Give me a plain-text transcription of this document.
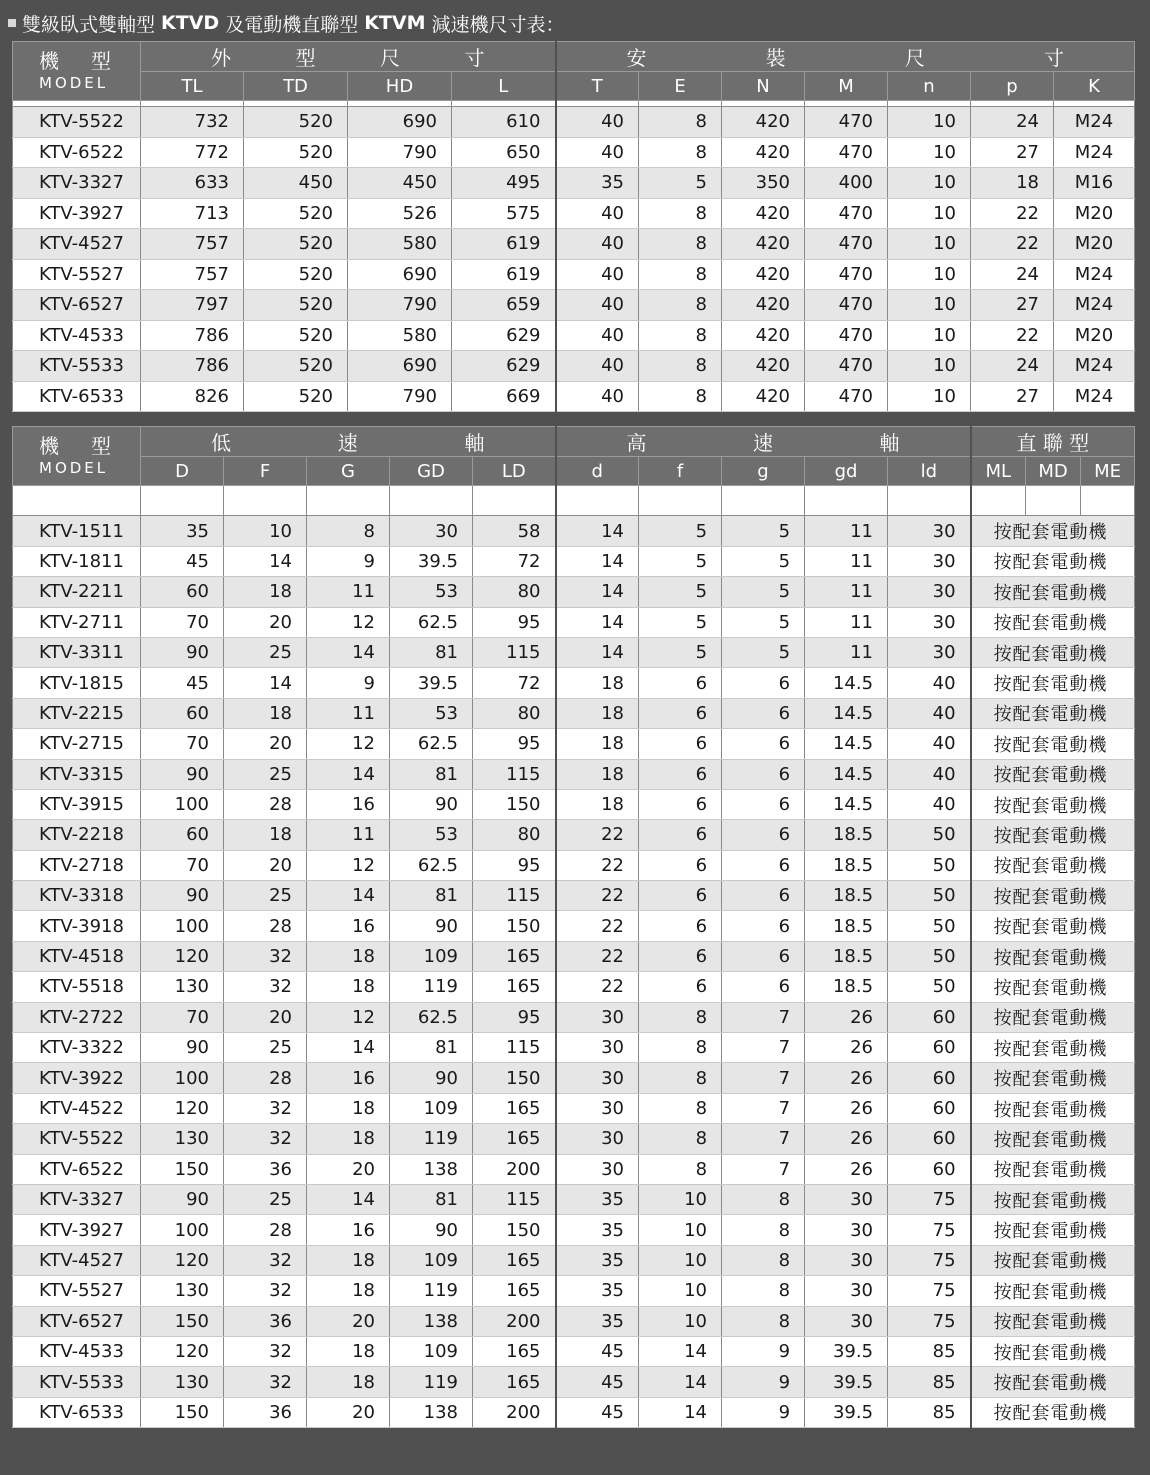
雙級臥式雙軸型 KTVD 及電動機直聯型 KTVM 減速機尺寸表：
機　型
MODEL	外 型 尺 寸				安 裝 尺 寸						

	TL	TD	HD	L	T	E	N	M	n	p	K

KTV-5522	732	520	690	610	40	8	420	470	10	24	M24
KTV-6522	772	520	790	650	40	8	420	470	10	27	M24
KTV-3327	633	450	450	495	35	5	350	400	10	18	M16
KTV-3927	713	520	526	575	40	8	420	470	10	22	M20
KTV-4527	757	520	580	619	40	8	420	470	10	22	M20
KTV-5527	757	520	690	619	40	8	420	470	10	24	M24
KTV-6527	797	520	790	659	40	8	420	470	10	27	M24
KTV-4533	786	520	580	629	40	8	420	470	10	22	M20
KTV-5533	786	520	690	629	40	8	420	470	10	24	M24
KTV-6533	826	520	790	669	40	8	420	470	10	27	M24
機　型
MODEL	低 速 軸					高 速 軸					直 聯 型		
	D	F	G	GD	LD	d	f	g	gd	ld	ML	MD	ME

KTV-1511	35	10	8	30	58	14	5	5	11	30	按配套電動機		
KTV-1811	45	14	9	39.5	72	14	5	5	11	30	按配套電動機		
KTV-2211	60	18	11	53	80	14	5	5	11	30	按配套電動機		
KTV-2711	70	20	12	62.5	95	14	5	5	11	30	按配套電動機		
KTV-3311	90	25	14	81	115	14	5	5	11	30	按配套電動機		
KTV-1815	45	14	9	39.5	72	18	6	6	14.5	40	按配套電動機		
KTV-2215	60	18	11	53	80	18	6	6	14.5	40	按配套電動機		
KTV-2715	70	20	12	62.5	95	18	6	6	14.5	40	按配套電動機		
KTV-3315	90	25	14	81	115	18	6	6	14.5	40	按配套電動機		
KTV-3915	100	28	16	90	150	18	6	6	14.5	40	按配套電動機		
KTV-2218	60	18	11	53	80	22	6	6	18.5	50	按配套電動機		
KTV-2718	70	20	12	62.5	95	22	6	6	18.5	50	按配套電動機		
KTV-3318	90	25	14	81	115	22	6	6	18.5	50	按配套電動機		
KTV-3918	100	28	16	90	150	22	6	6	18.5	50	按配套電動機		
KTV-4518	120	32	18	109	165	22	6	6	18.5	50	按配套電動機		
KTV-5518	130	32	18	119	165	22	6	6	18.5	50	按配套電動機		
KTV-2722	70	20	12	62.5	95	30	8	7	26	60	按配套電動機		
KTV-3322	90	25	14	81	115	30	8	7	26	60	按配套電動機		
KTV-3922	100	28	16	90	150	30	8	7	26	60	按配套電動機		
KTV-4522	120	32	18	109	165	30	8	7	26	60	按配套電動機		
KTV-5522	130	32	18	119	165	30	8	7	26	60	按配套電動機		
KTV-6522	150	36	20	138	200	30	8	7	26	60	按配套電動機		
KTV-3327	90	25	14	81	115	35	10	8	30	75	按配套電動機		
KTV-3927	100	28	16	90	150	35	10	8	30	75	按配套電動機		
KTV-4527	120	32	18	109	165	35	10	8	30	75	按配套電動機		
KTV-5527	130	32	18	119	165	35	10	8	30	75	按配套電動機		
KTV-6527	150	36	20	138	200	35	10	8	30	75	按配套電動機		
KTV-4533	120	32	18	109	165	45	14	9	39.5	85	按配套電動機		
KTV-5533	130	32	18	119	165	45	14	9	39.5	85	按配套電動機		
KTV-6533	150	36	20	138	200	45	14	9	39.5	85	按配套電動機		
